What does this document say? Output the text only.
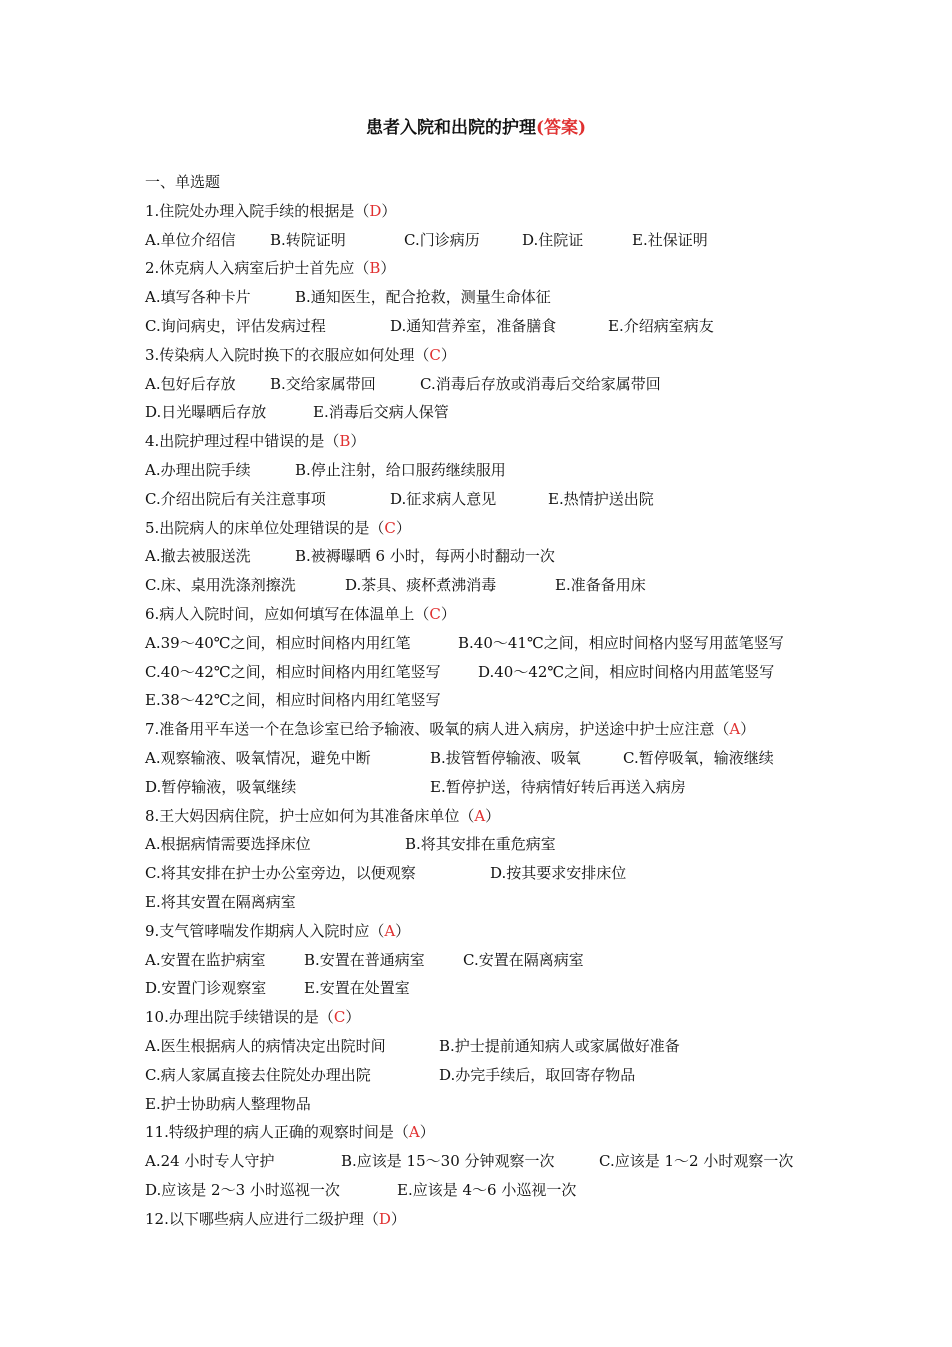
患者入院和出院的护理(答案)
一、单选题
1.住院处办理入院手续的根据是（D）
A.单位介绍信 B.转院证明	C.门诊病历	D.住院证	E.社保证明
2.休克病人入病室后护士首先应（B）
A.填写各种卡片	B.通知医生，配合抢救，测量生命体征
C.询问病史，评估发病过程	D.通知营养室，准备膳食	E.介绍病室病友
3.传染病人入院时换下的衣服应如何处理（C）
A.包好后存放 B.交给家属带回	C.消毒后存放或消毒后交给家属带回
D.日光曝晒后存放	E.消毒后交病人保管
4.出院护理过程中错误的是（B）
A.办理出院手续	B.停止注射，给口服药继续服用
C.介绍出院后有关注意事项	D.征求病人意见	E.热情护送出院
5.出院病人的床单位处理错误的是（C）
A.撤去被服送洗	B.被褥曝晒 6 小时，每两小时翻动一次
C.床、桌用洗涤剂擦洗	D.茶具、痰杯煮沸消毒	E.准备备用床
6.病人入院时间，应如何填写在体温单上（C）
A.39～40℃之间，相应时间格内用红笔	B.40～41℃之间，相应时间格内竖写用蓝笔竖写
C.40～42℃之间，相应时间格内用红笔竖写 D.40～42℃之间，相应时间格内用蓝笔竖写
E.38～42℃之间，相应时间格内用红笔竖写
7.准备用平车送一个在急诊室已给予输液、吸氧的病人进入病房，护送途中护士应注意（A）
A.观察输液、吸氧情况，避免中断	B.拔管暂停输液、吸氧	C.暂停吸氧，输液继续
D.暂停输液，吸氧继续	E.暂停护送，待病情好转后再送入病房
8.王大妈因病住院，护士应如何为其准备床单位（A）
A.根据病情需要选择床位	B.将其安排在重危病室
C.将其安排在护士办公室旁边，以便观察	D.按其要求安排床位
E.将其安置在隔离病室
9.支气管哮喘发作期病人入院时应（A）
A.安置在监护病室	B.安置在普通病室	C.安置在隔离病室
D.安置门诊观察室	E.安置在处置室
10.办理出院手续错误的是（C）
A.医生根据病人的病情决定出院时间	B.护士提前通知病人或家属做好准备
C.病人家属直接去住院处办理出院	D.办完手续后，取回寄存物品
E.护士协助病人整理物品
11.特级护理的病人正确的观察时间是（A）
A.24 小时专人守护	B.应该是 15～30 分钟观察一次	C.应该是 1～2 小时观察一次
D.应该是 2～3 小时巡视一次	E.应该是 4～6 小巡视一次
12.以下哪些病人应进行二级护理（D）
